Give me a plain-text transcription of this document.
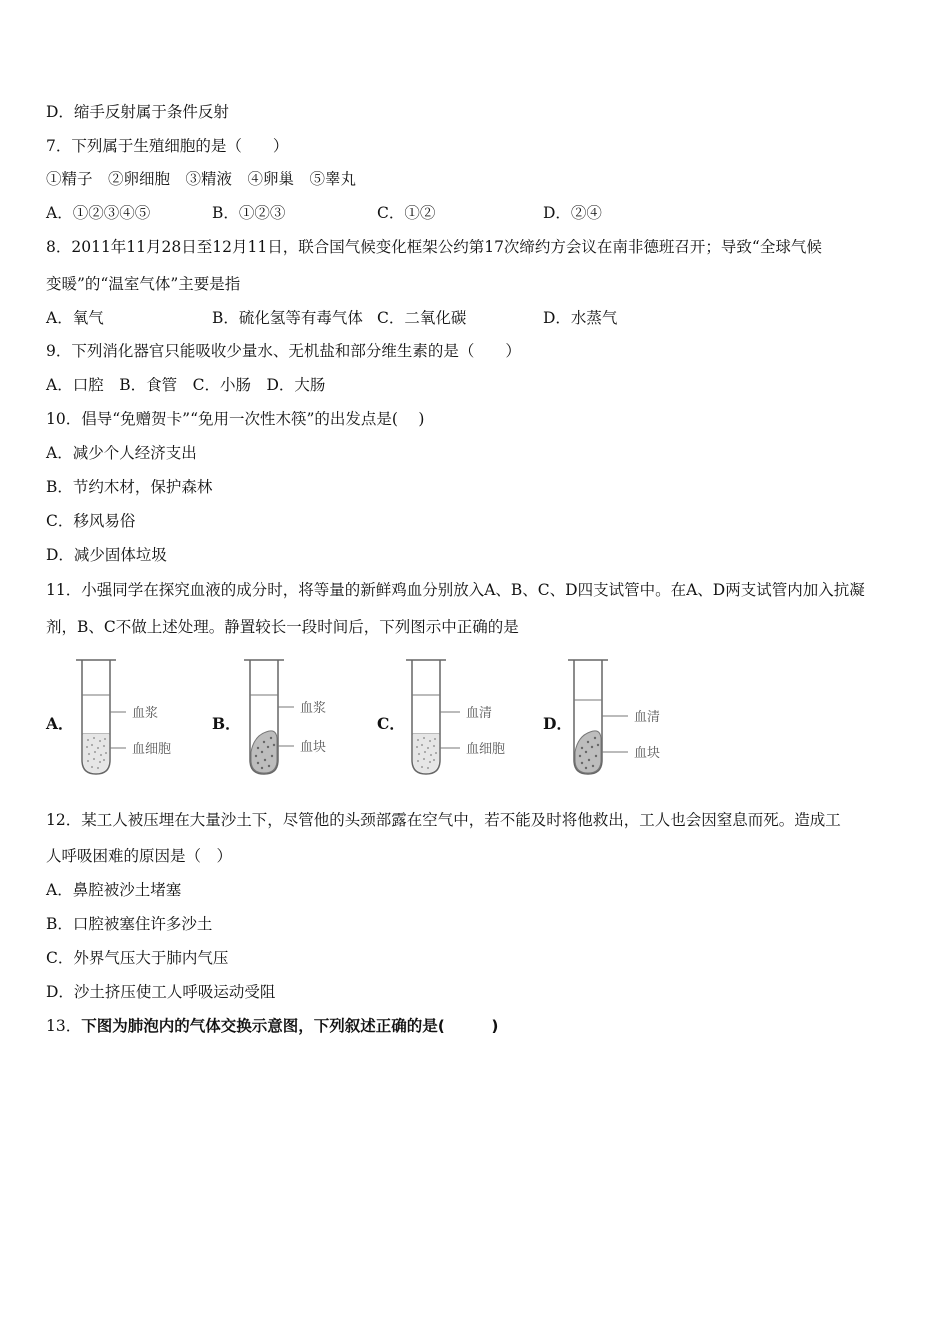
D．缩手反射属于条件反射
7．下列属于生殖细胞的是（　　）
①精子　②卵细胞　③精液　④卵巢　⑤睾丸
A．①②③④⑤	B．①②③	C．①②	D．②④
8．2011年11月28日至12月11日，联合国气候变化框架公约第17次缔约方会议在南非德班召开；导致“全球气候
变暖”的“温室气体”主要是指
A．氧气	B．硫化氢等有毒气体 C．二氧化碳	D．水蒸气
9．下列消化器官只能吸收少量水、无机盐和部分维生素的是（　　）
A．口腔　B．食管　C．小肠　D．大肠
10．倡导“免赠贺卡”“免用一次性木筷”的出发点是(　 )
A．减少个人经济支出
B．节约木材，保护森林
C．移风易俗
D．减少固体垃圾
11．小强同学在探究血液的成分时，将等量的新鲜鸡血分别放入A、B、C、D四支试管中。在A、D两支试管内加入抗凝
剂，B、C不做上述处理。静置较长一段时间后，下列图示中正确的是
A．
血浆
血细胞
B．
血浆
血块
C．
血清
血细胞
D．	血清
血块
12．某工人被压埋在大量沙土下，尽管他的头颈部露在空气中，若不能及时将他救出，工人也会因窒息而死。造成工
人呼吸困难的原因是（　）
A．鼻腔被沙土堵塞
B．口腔被塞住许多沙土
C．外界气压大于肺内气压
D．沙土挤压使工人呼吸运动受阻
13．下图为肺泡内的气体交换示意图，下列叙述正确的是(　　　)
